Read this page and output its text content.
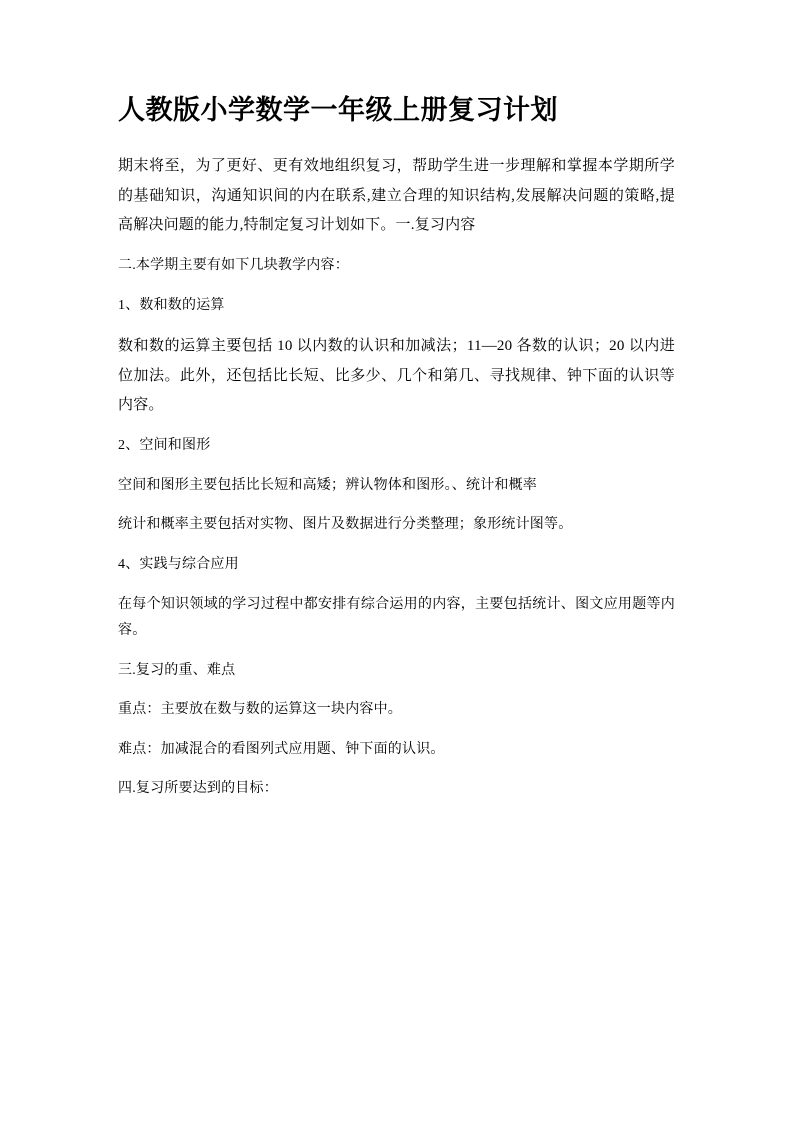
人教版小学数学一年级上册复习计划

期末将至，为了更好、更有效地组织复习，帮助学生进一步理解和掌握本学期所学的基础知识，沟通知识间的内在联系,建立合理的知识结构,发展解决问题的策略,提高解决问题的能力,特制定复习计划如下。一.复习内容

二.本学期主要有如下几块教学内容：

1、数和数的运算

数和数的运算主要包括 10 以内数的认识和加减法；11—20 各数的认识；20 以内进位加法。此外，还包括比长短、比多少、几个和第几、寻找规律、钟下面的认识等内容。

2、空间和图形

空间和图形主要包括比长短和高矮；辨认物体和图形。、统计和概率

统计和概率主要包括对实物、图片及数据进行分类整理；象形统计图等。

4、实践与综合应用

在每个知识领域的学习过程中都安排有综合运用的内容，主要包括统计、图文应用题等内容。

三.复习的重、难点

重点：主要放在数与数的运算这一块内容中。

难点：加减混合的看图列式应用题、钟下面的认识。

四.复习所要达到的目标：
